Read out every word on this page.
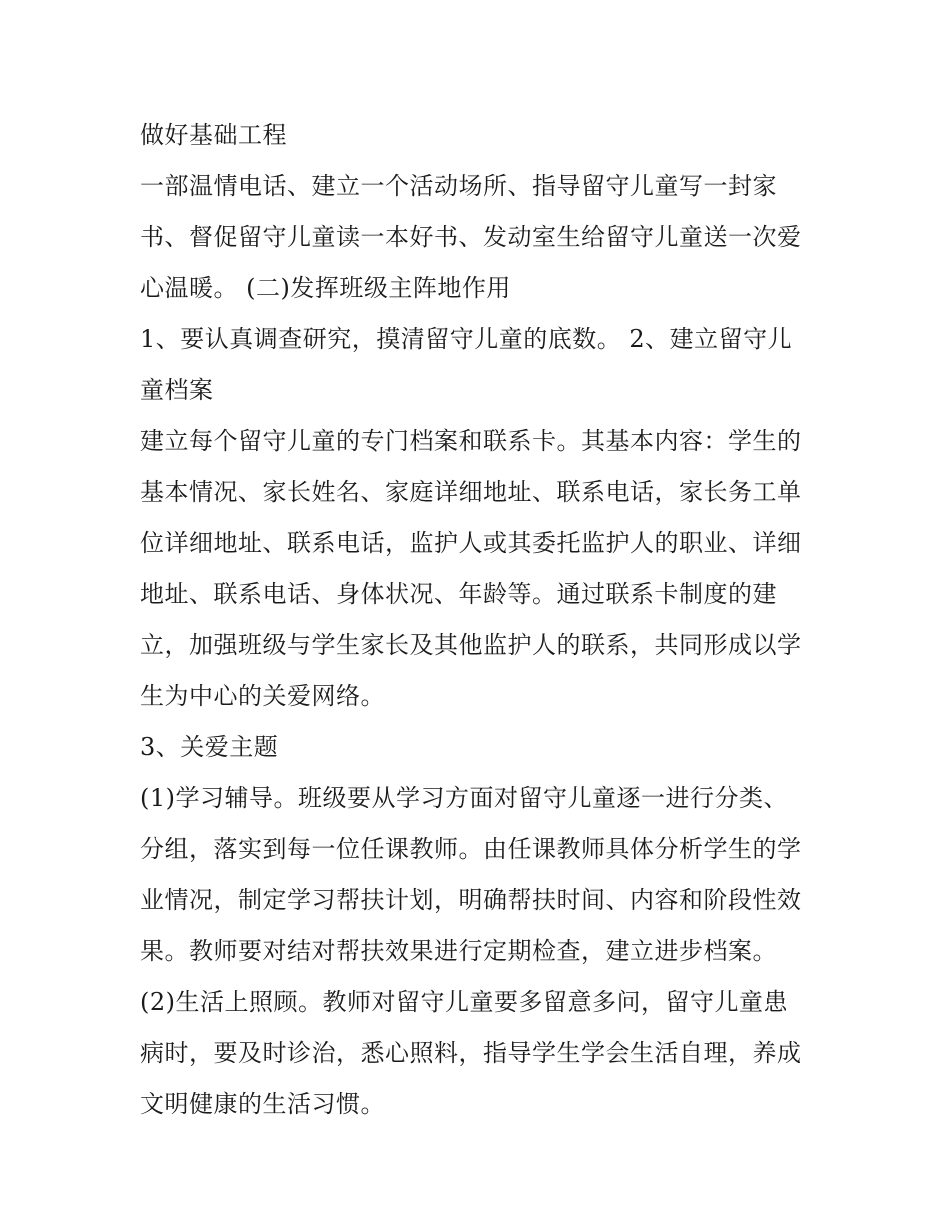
做好基础工程
一部温情电话、建立一个活动场所、指导留守儿童写一封家
书、督促留守儿童读一本好书、发动室生给留守儿童送一次爱
心温暖。 (二)发挥班级主阵地作用
1、要认真调查研究，摸清留守儿童的底数。 2、建立留守儿
童档案
建立每个留守儿童的专门档案和联系卡。其基本内容：学生的
基本情况、家长姓名、家庭详细地址、联系电话，家长务工单
位详细地址、联系电话，监护人或其委托监护人的职业、详细
地址、联系电话、身体状况、年龄等。通过联系卡制度的建
立，加强班级与学生家长及其他监护人的联系，共同形成以学
生为中心的关爱网络。
3、关爱主题
(1)学习辅导。班级要从学习方面对留守儿童逐一进行分类、
分组，落实到每一位任课教师。由任课教师具体分析学生的学
业情况，制定学习帮扶计划，明确帮扶时间、内容和阶段性效
果。教师要对结对帮扶效果进行定期检查，建立进步档案。
(2)生活上照顾。教师对留守儿童要多留意多问，留守儿童患
病时，要及时诊治，悉心照料，指导学生学会生活自理，养成
文明健康的生活习惯。
